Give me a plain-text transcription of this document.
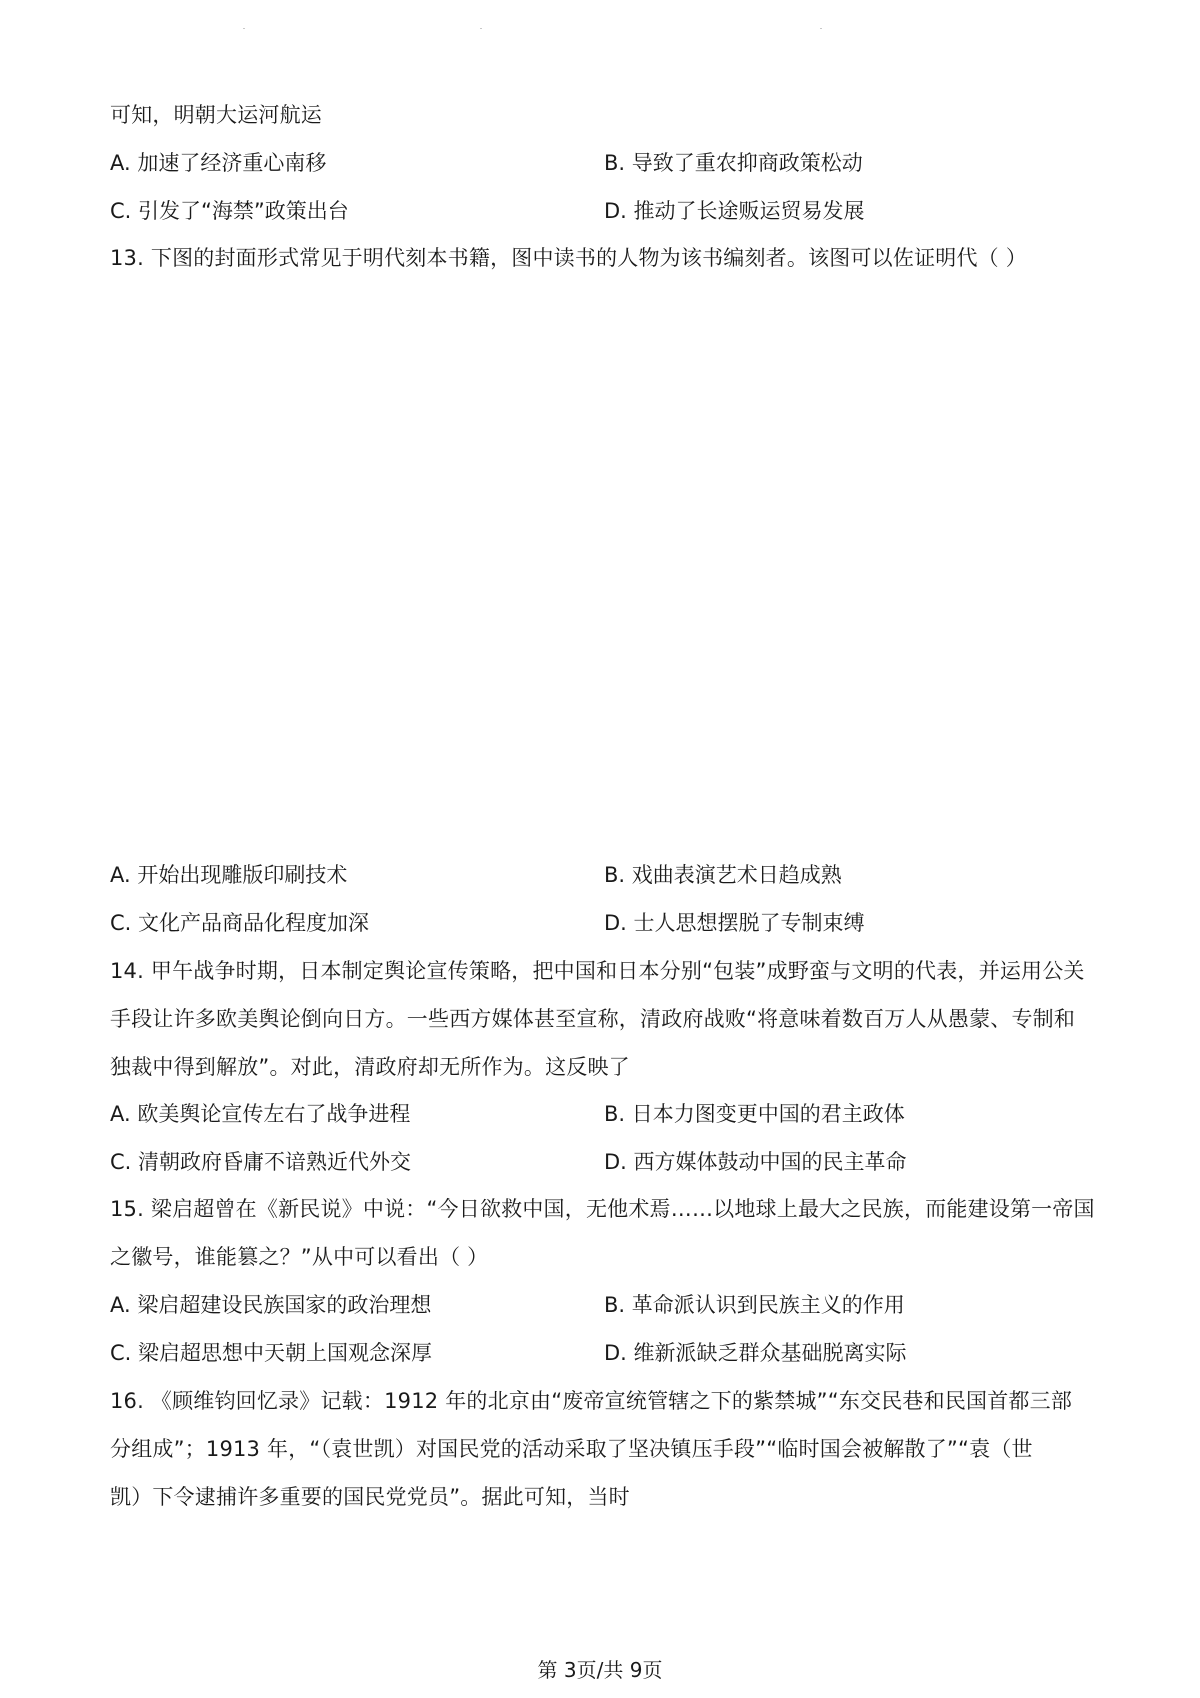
可知，明朝大运河航运
A. 加速了经济重心南移	B. 导致了重农抑商政策松动
C. 引发了“海禁”政策出台	D. 推动了长途贩运贸易发展
13. 下图的封面形式常见于明代刻本书籍，图中读书的人物为该书编刻者。该图可以佐证明代（ ）
A. 开始出现雕版印刷技术	B. 戏曲表演艺术日趋成熟
C. 文化产品商品化程度加深	D. 士人思想摆脱了专制束缚
14. 甲午战争时期，日本制定舆论宣传策略，把中国和日本分别“包装”成野蛮与文明的代表，并运用公关
手段让许多欧美舆论倒向日方。一些西方媒体甚至宣称，清政府战败“将意味着数百万人从愚蒙、专制和
独裁中得到解放”。对此，清政府却无所作为。这反映了
A. 欧美舆论宣传左右了战争进程	B. 日本力图变更中国的君主政体
C. 清朝政府昏庸不谙熟近代外交	D. 西方媒体鼓动中国的民主革命
15. 梁启超曾在《新民说》中说：“今日欲救中国，无他术焉……以地球上最大之民族，而能建设第一帝国
之徽号，谁能篡之？”从中可以看出（ ）
A. 梁启超建设民族国家的政治理想	B. 革命派认识到民族主义的作用
C. 梁启超思想中天朝上国观念深厚	D. 维新派缺乏群众基础脱离实际
16. 《顾维钧回忆录》记载：1912 年的北京由“废帝宣统管辖之下的紫禁城”“东交民巷和民国首都三部
分组成”；1913 年，“（袁世凯）对国民党的活动采取了坚决镇压手段”“临时国会被解散了”“袁（世
凯）下令逮捕许多重要的国民党党员”。据此可知，当时
第 3页/共 9页
